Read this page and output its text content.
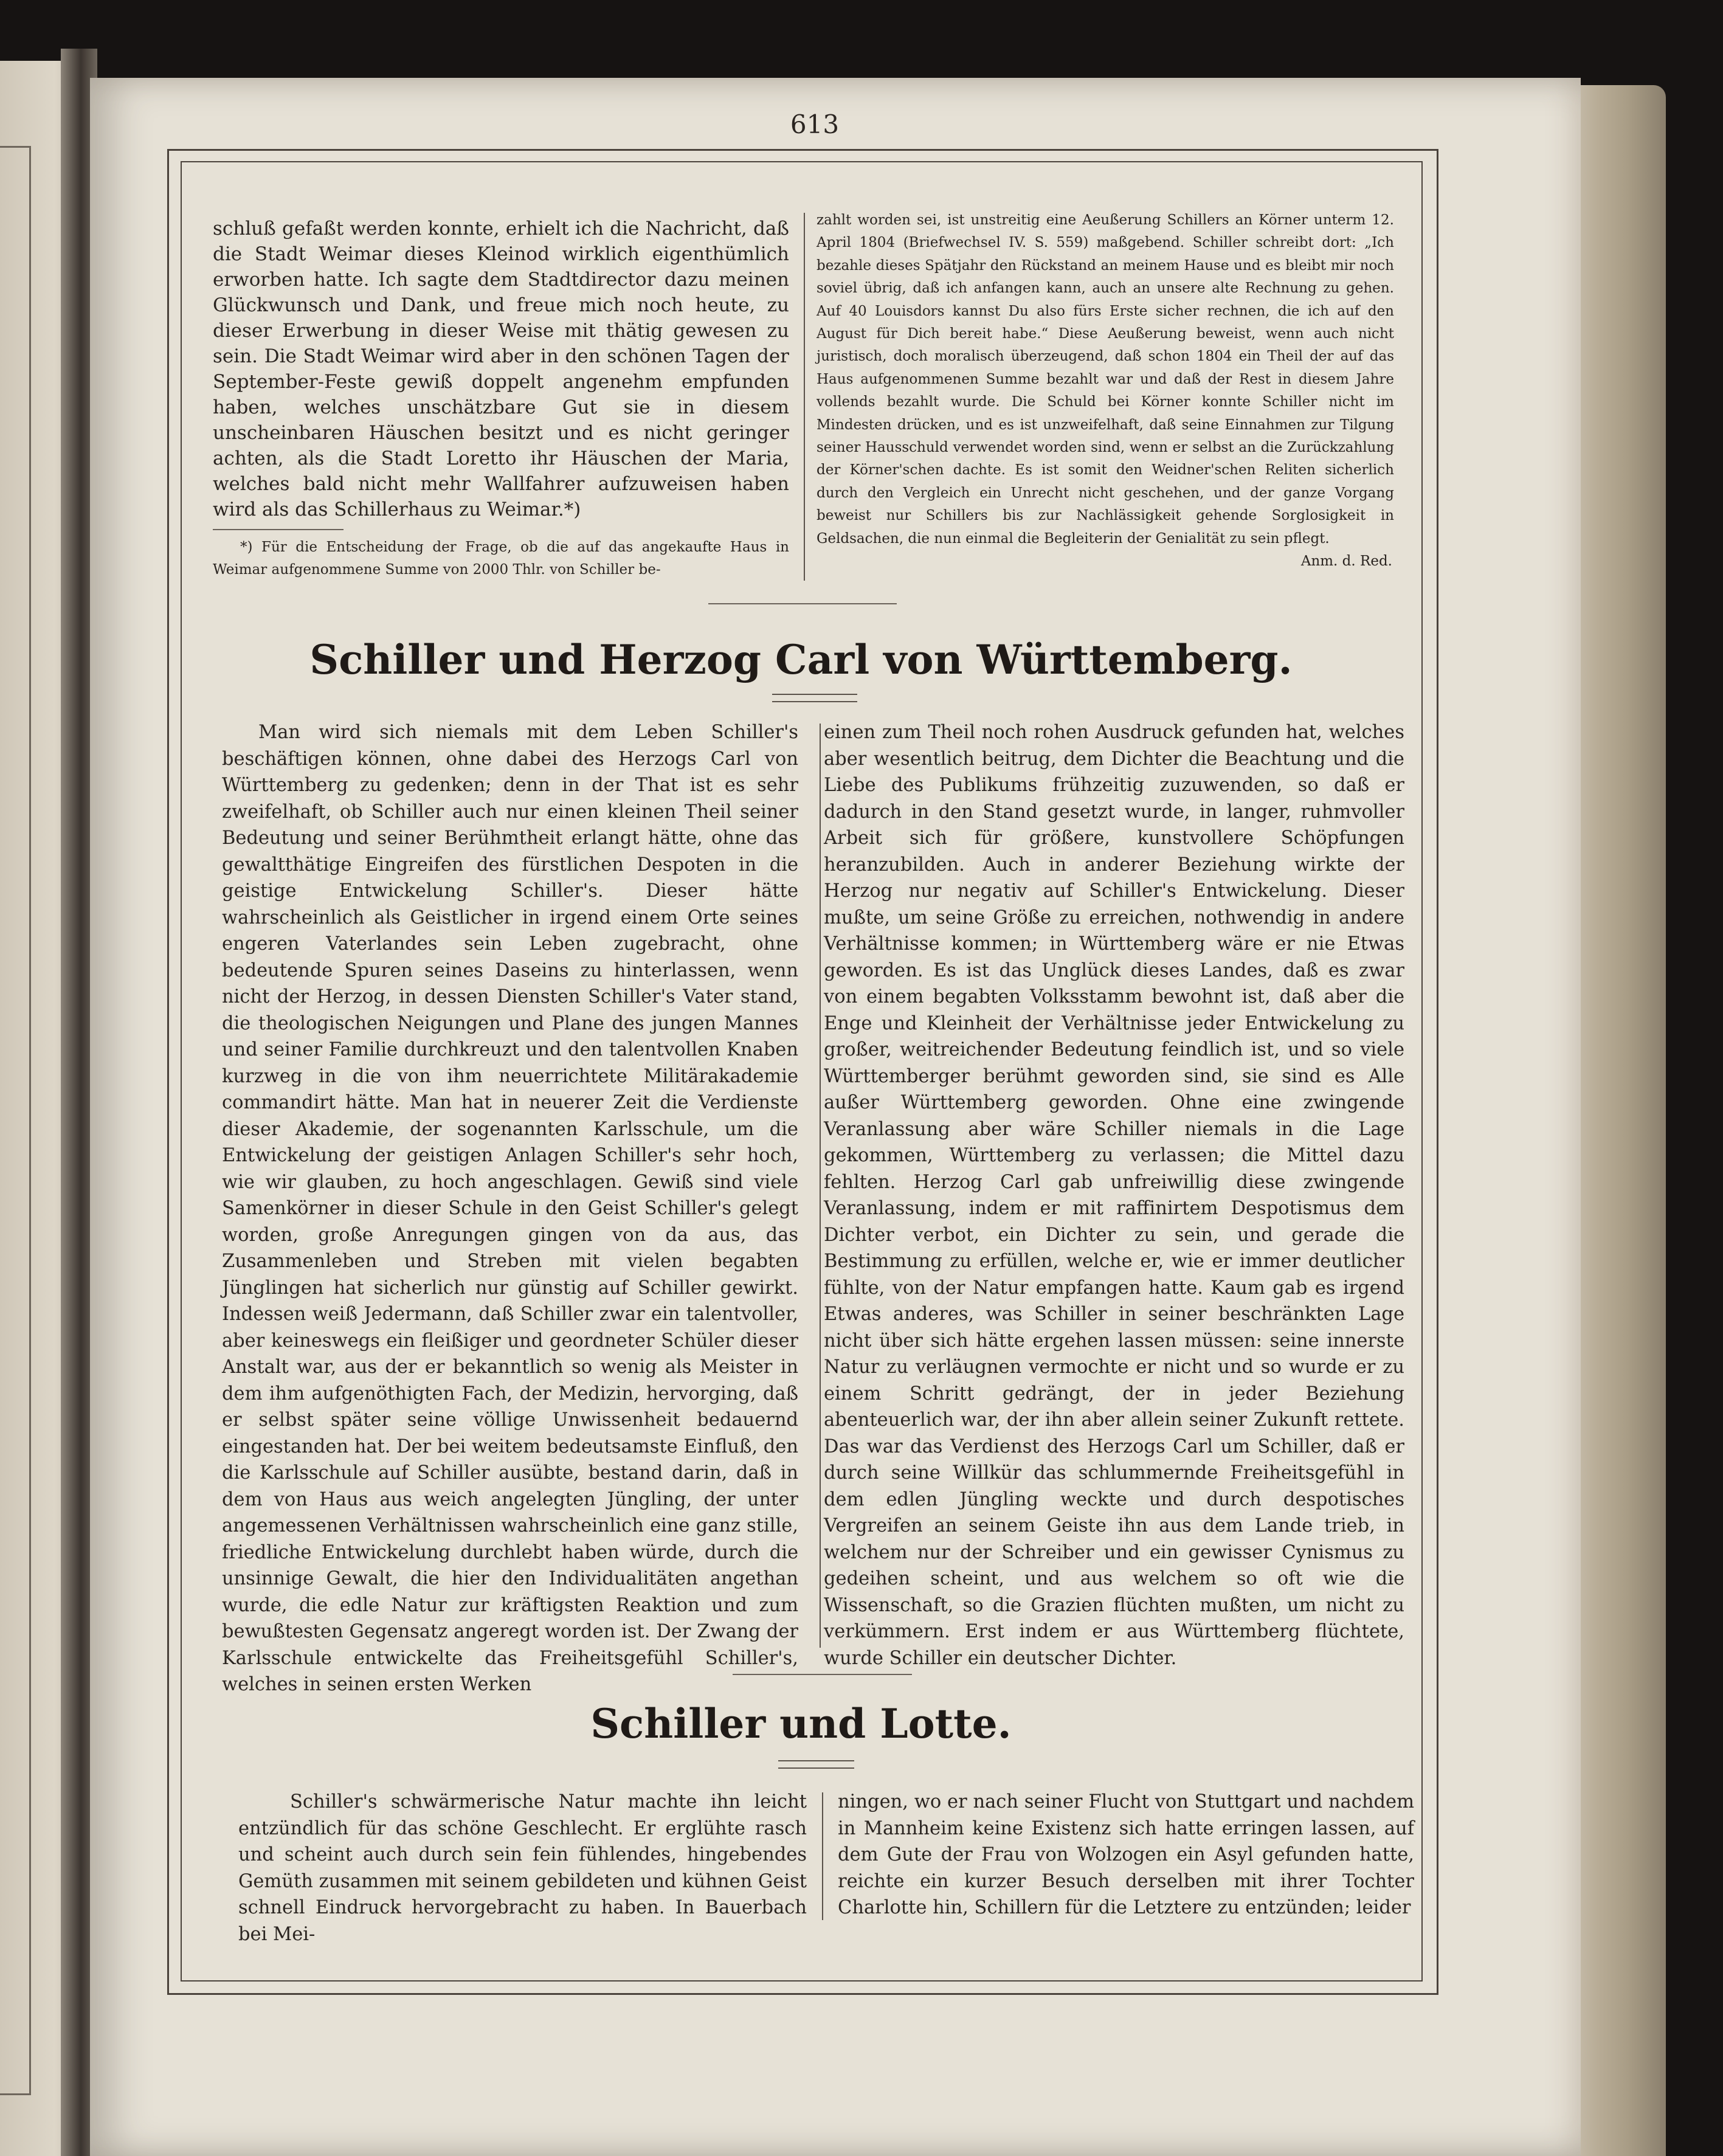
613

schluß gefaßt werden konnte, erhielt ich die Nachricht, daß die Stadt Weimar dieses Kleinod wirklich eigenthümlich erworben hatte. Ich sagte dem Stadtdirector dazu meinen Glückwunsch und Dank, und freue mich noch heute, zu dieser Erwerbung in dieser Weise mit thätig gewesen zu sein. Die Stadt Weimar wird aber in den schönen Tagen der September-Feste gewiß doppelt angenehm empfunden haben, welches unschätzbare Gut sie in diesem unscheinbaren Häuschen besitzt und es nicht geringer achten, als die Stadt Loretto ihr Häuschen der Maria, welches bald nicht mehr Wallfahrer aufzuweisen haben wird als das Schillerhaus zu Weimar.*)

*) Für die Entscheidung der Frage, ob die auf das angekaufte Haus in Weimar aufgenommene Summe von 2000 Thlr. von Schiller be-

zahlt worden sei, ist unstreitig eine Aeußerung Schillers an Körner unterm 12. April 1804 (Briefwechsel IV. S. 559) maßgebend. Schiller schreibt dort: „Ich bezahle dieses Spätjahr den Rückstand an meinem Hause und es bleibt mir noch soviel übrig, daß ich anfangen kann, auch an unsere alte Rechnung zu gehen. Auf 40 Louisdors kannst Du also fürs Erste sicher rechnen, die ich auf den August für Dich bereit habe.“ Diese Aeußerung beweist, wenn auch nicht juristisch, doch moralisch überzeugend, daß schon 1804 ein Theil der auf das Haus aufgenommenen Summe bezahlt war und daß der Rest in diesem Jahre vollends bezahlt wurde. Die Schuld bei Körner konnte Schiller nicht im Mindesten drücken, und es ist unzweifelhaft, daß seine Einnahmen zur Tilgung seiner Hausschuld verwendet worden sind, wenn er selbst an die Zurückzahlung der Körner'schen dachte. Es ist somit den Weidner'schen Reliten sicherlich durch den Vergleich ein Unrecht nicht geschehen, und der ganze Vorgang beweist nur Schillers bis zur Nachlässigkeit gehende Sorglosigkeit in Geldsachen, die nun einmal die Begleiterin der Genialität zu sein pflegt.

Anm. d. Red.
Schiller und Herzog Carl von Württemberg.

Man wird sich niemals mit dem Leben Schiller's beschäftigen können, ohne dabei des Herzogs Carl von Württemberg zu gedenken; denn in der That ist es sehr zweifelhaft, ob Schiller auch nur einen kleinen Theil seiner Bedeutung und seiner Berühmtheit erlangt hätte, ohne das gewaltthätige Eingreifen des fürstlichen Despoten in die geistige Entwickelung Schiller's. Dieser hätte wahrscheinlich als Geistlicher in irgend einem Orte seines engeren Vaterlandes sein Leben zugebracht, ohne bedeutende Spuren seines Daseins zu hinterlassen, wenn nicht der Herzog, in dessen Diensten Schiller's Vater stand, die theologischen Neigungen und Plane des jungen Mannes und seiner Familie durchkreuzt und den talentvollen Knaben kurzweg in die von ihm neuerrichtete Militärakademie commandirt hätte. Man hat in neuerer Zeit die Verdienste dieser Akademie, der sogenannten Karlsschule, um die Entwickelung der geistigen Anlagen Schiller's sehr hoch, wie wir glauben, zu hoch angeschlagen. Gewiß sind viele Samenkörner in dieser Schule in den Geist Schiller's gelegt worden, große Anregungen gingen von da aus, das Zusammenleben und Streben mit vielen begabten Jünglingen hat sicherlich nur günstig auf Schiller gewirkt. Indessen weiß Jedermann, daß Schiller zwar ein talentvoller, aber keineswegs ein fleißiger und geordneter Schüler dieser Anstalt war, aus der er bekanntlich so wenig als Meister in dem ihm aufgenöthigten Fach, der Medizin, hervorging, daß er selbst später seine völlige Unwissenheit bedauernd eingestanden hat. Der bei weitem bedeutsamste Einfluß, den die Karlsschule auf Schiller ausübte, bestand darin, daß in dem von Haus aus weich angelegten Jüngling, der unter angemessenen Verhältnissen wahrscheinlich eine ganz stille, friedliche Entwickelung durchlebt haben würde, durch die unsinnige Gewalt, die hier den Individualitäten angethan wurde, die edle Natur zur kräftigsten Reaktion und zum bewußtesten Gegensatz angeregt worden ist. Der Zwang der Karlsschule entwickelte das Freiheitsgefühl Schiller's, welches in seinen ersten Werken

einen zum Theil noch rohen Ausdruck gefunden hat, welches aber wesentlich beitrug, dem Dichter die Beachtung und die Liebe des Publikums frühzeitig zuzuwenden, so daß er dadurch in den Stand gesetzt wurde, in langer, ruhmvoller Arbeit sich für größere, kunstvollere Schöpfungen heranzubilden. Auch in anderer Beziehung wirkte der Herzog nur negativ auf Schiller's Entwickelung. Dieser mußte, um seine Größe zu erreichen, nothwendig in andere Verhältnisse kommen; in Württemberg wäre er nie Etwas geworden. Es ist das Unglück dieses Landes, daß es zwar von einem begabten Volksstamm bewohnt ist, daß aber die Enge und Kleinheit der Verhältnisse jeder Entwickelung zu großer, weitreichender Bedeutung feindlich ist, und so viele Württemberger berühmt geworden sind, sie sind es Alle außer Württemberg geworden. Ohne eine zwingende Veranlassung aber wäre Schiller niemals in die Lage gekommen, Württemberg zu verlassen; die Mittel dazu fehlten. Herzog Carl gab unfreiwillig diese zwingende Veranlassung, indem er mit raffinirtem Despotismus dem Dichter verbot, ein Dichter zu sein, und gerade die Bestimmung zu erfüllen, welche er, wie er immer deutlicher fühlte, von der Natur empfangen hatte. Kaum gab es irgend Etwas anderes, was Schiller in seiner beschränkten Lage nicht über sich hätte ergehen lassen müssen: seine innerste Natur zu verläugnen vermochte er nicht und so wurde er zu einem Schritt gedrängt, der in jeder Beziehung abenteuerlich war, der ihn aber allein seiner Zukunft rettete. Das war das Verdienst des Herzogs Carl um Schiller, daß er durch seine Willkür das schlummernde Freiheitsgefühl in dem edlen Jüngling weckte und durch despotisches Vergreifen an seinem Geiste ihn aus dem Lande trieb, in welchem nur der Schreiber und ein gewisser Cynismus zu gedeihen scheint, und aus welchem so oft wie die Wissenschaft, so die Grazien flüchten mußten, um nicht zu verkümmern. Erst indem er aus Württemberg flüchtete, wurde Schiller ein deutscher Dichter.

Schiller und Lotte.

Schiller's schwärmerische Natur machte ihn leicht entzündlich für das schöne Geschlecht. Er erglühte rasch und scheint auch durch sein fein fühlendes, hingebendes Gemüth zusammen mit seinem gebildeten und kühnen Geist schnell Eindruck hervorgebracht zu haben. In Bauerbach bei Mei-

ningen, wo er nach seiner Flucht von Stuttgart und nachdem in Mannheim keine Existenz sich hatte erringen lassen, auf dem Gute der Frau von Wolzogen ein Asyl gefunden hatte, reichte ein kurzer Besuch derselben mit ihrer Tochter Charlotte hin, Schillern für die Letztere zu entzünden; leider
